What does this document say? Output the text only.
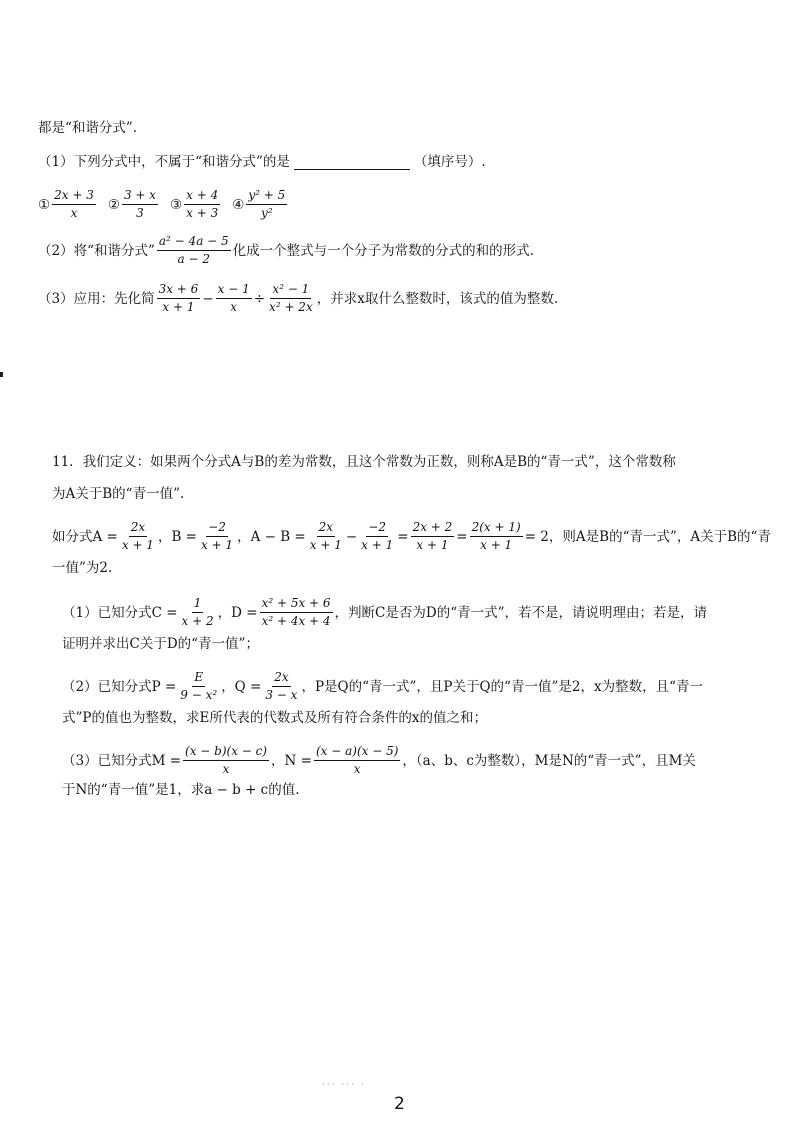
都是“和谐分式”.
（1）下列分式中，不属于“和谐分式”的是	（填序号）.
① $\frac{2x + 3}{x}$ ② $\frac{3 + x}{3}$ ③ $\frac{x + 4}{x + 3}$ ④ $\frac{\text{y² + 5}}{\text{y²}}$
（2）将“和谐分式” $\frac{\text{a² − 4a − 5}}{a - 2}$ 化成一个整式与一个分子为常数的分式的和的形式.
（3）应用：先化简 $\frac{3x + 6}{x + 1} - \frac{x - 1}{x} \div \frac{\text{x² − 1}}{\text{x² + 2x}}$ ，并求x取什么整数时，该式的值为整数.
11．我们定义：如果两个分式A与B的差为常数，且这个常数为正数，则称A是B的“青一式”，这个常数称
为A关于B的“青一值”.
如分式$A = \frac{2x}{x + 1}$ ，$B = \frac{-2}{x + 1}$ ，$A - B = \frac{2x}{x + 1} - \frac{-2}{x + 1} = \frac{2x + 2}{x + 1} = \frac{2(x + 1)}{x + 1} = 2$，则A是B的“青一式”，A关于B的“青
一值”为2.
（1）已知分式$C = \frac{1}{x + 2}$ ，$D = \frac{\text{x² + 5x + 6}}{\text{x² + 4x + 4}}$ ，判断C是否为D的“青一式”，若不是，请说明理由；若是，请
证明并求出C关于D的“青一值”；
（2）已知分式$P = \frac{E}{\text{9 − x²}}$ ，$Q = \frac{2x}{3 - x}$ ，P是Q的“青一式”，且P关于Q的“青一值”是2，x为整数，且“青一
式”P的值也为整数，求E所代表的代数式及所有符合条件的x的值之和；
（3）已知分式$M = \frac{(x - b)(x - c)}{x}$ ，$N = \frac{(x - a)(x - 5)}{x}$ ，（a、b、c为整数），M是N的“青一式”，且M关
于N的“青一值”是1，求a − b + c的值.
··· ··· ·
2
